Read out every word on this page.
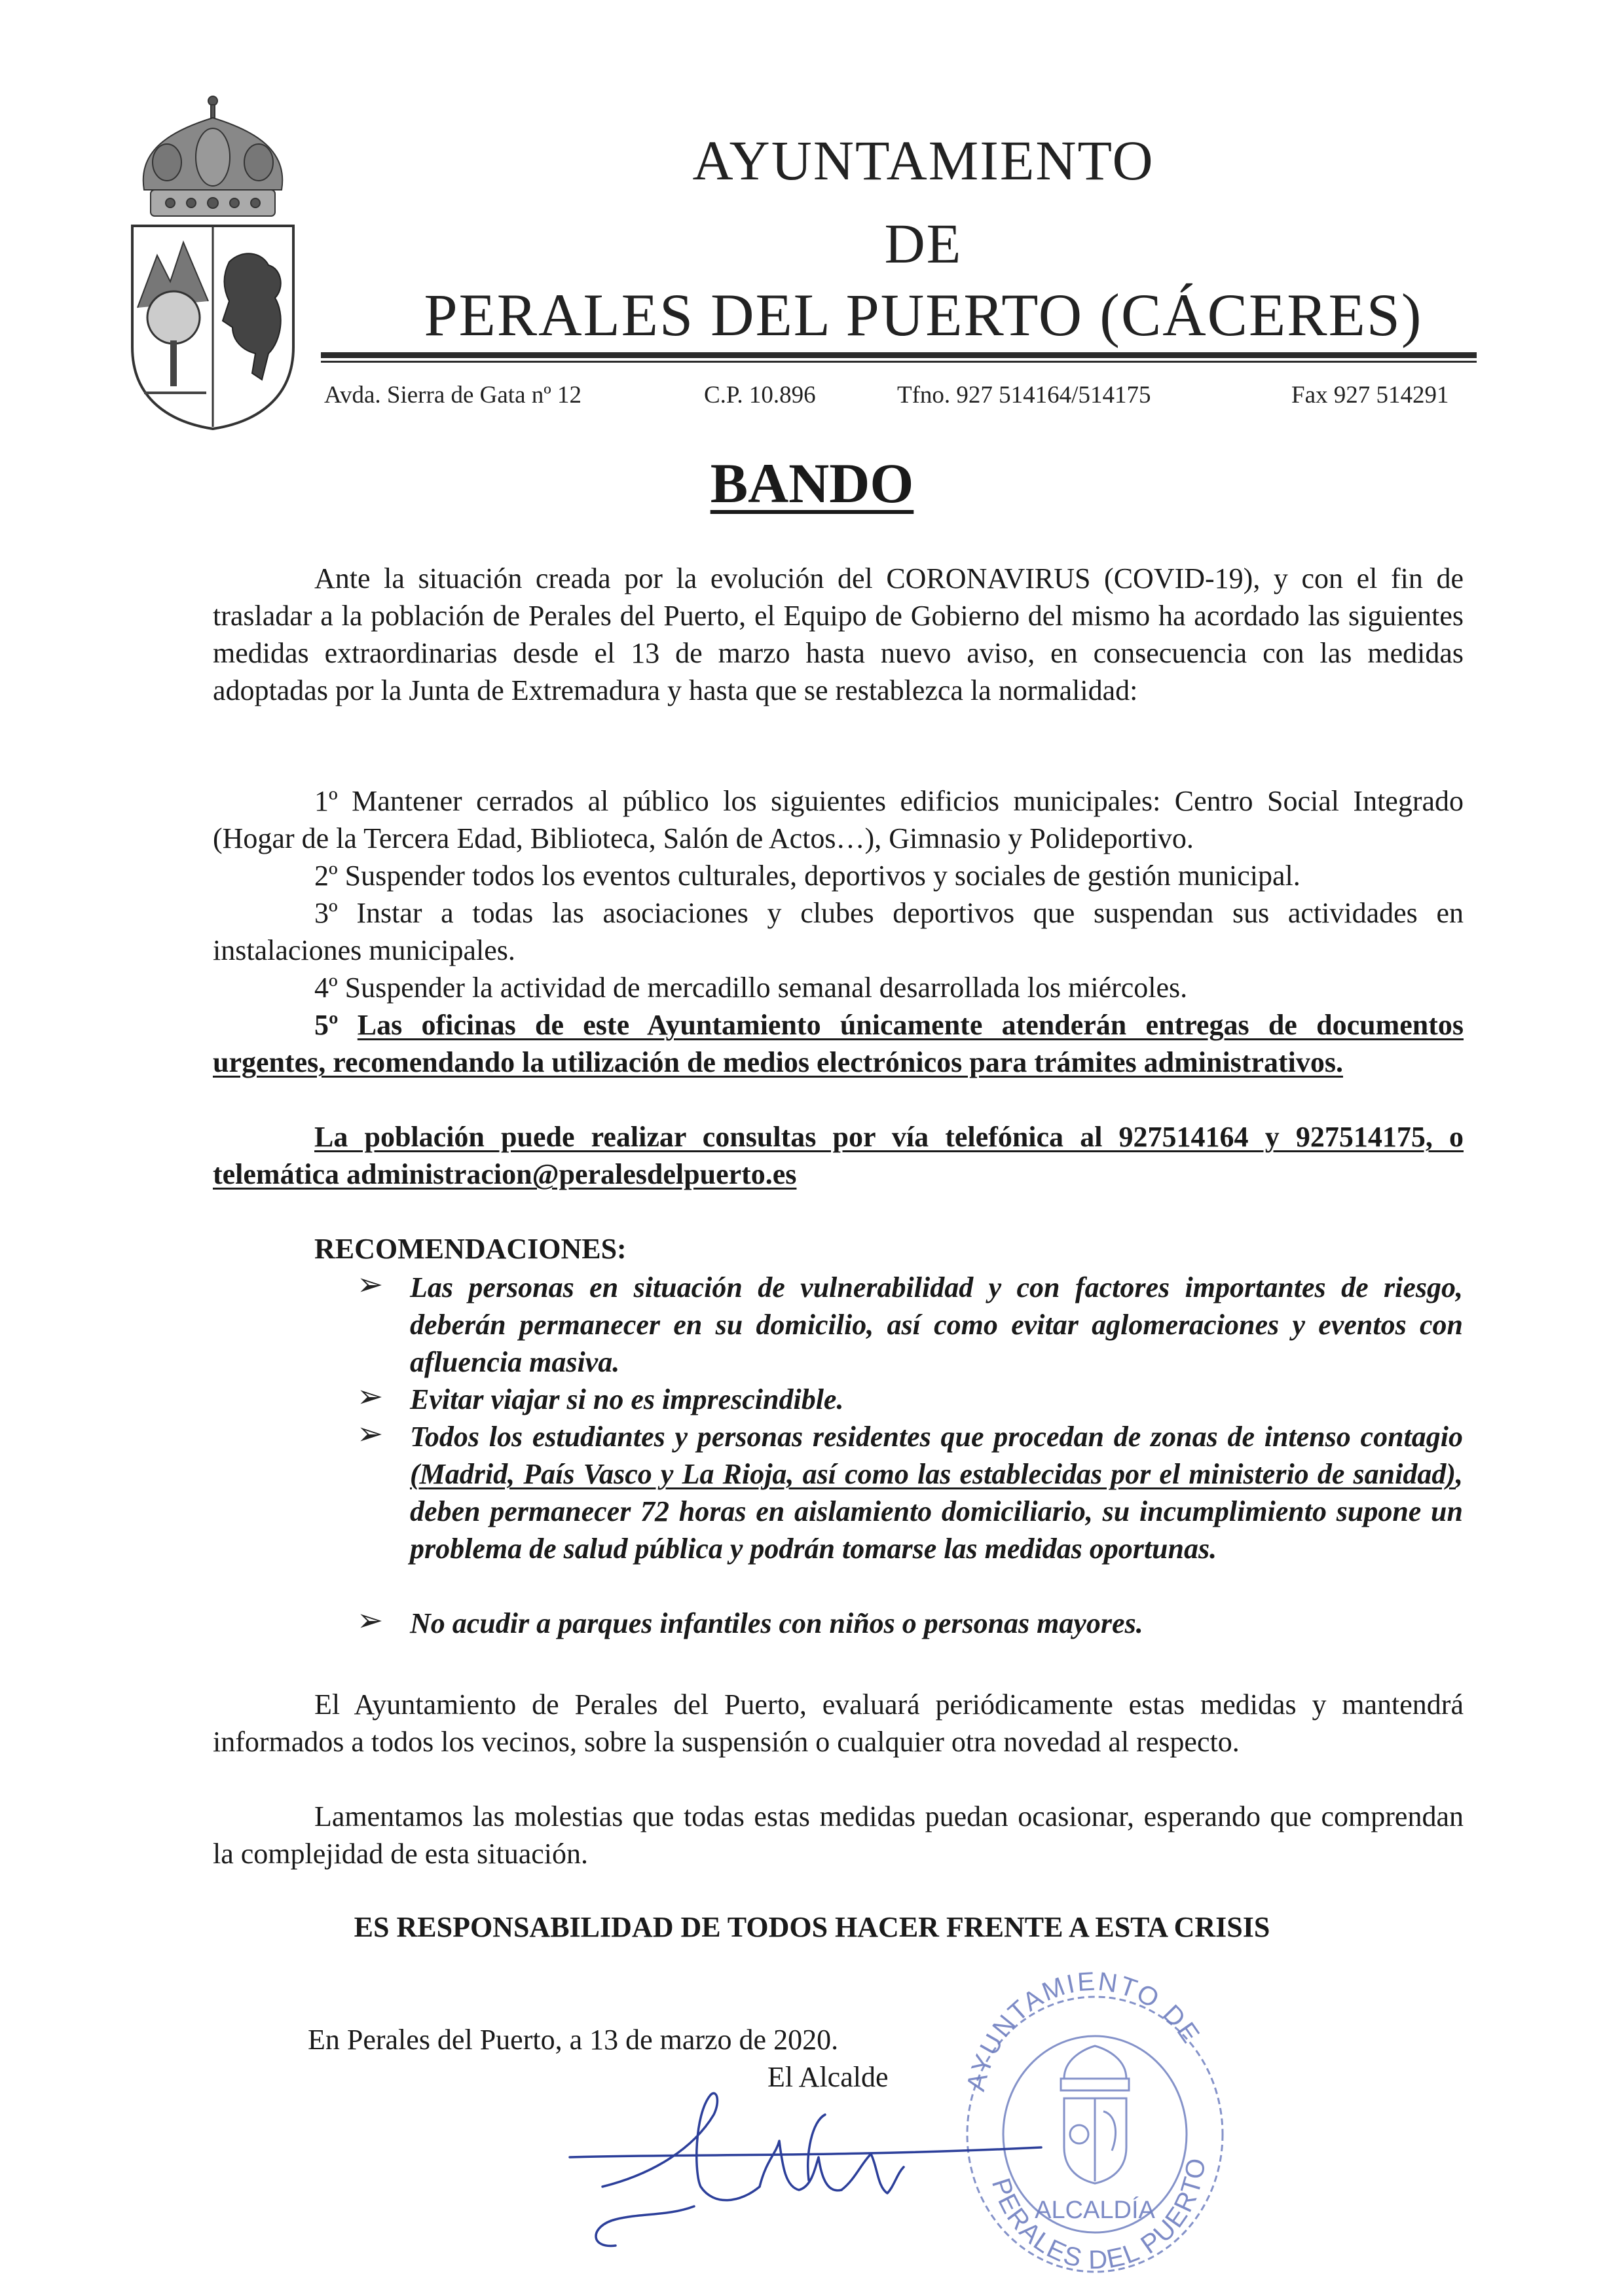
AYUNTAMIENTO
DE
PERALES DEL PUERTO (CÁCERES)
Avda. Sierra de Gata nº 12	C.P. 10.896	Tfno. 927 514164/514175	Fax 927 514291
BANDO
Ante la situación creada por la evolución del CORONAVIRUS (COVID-19), y con el fin de trasladar a la población de Perales del Puerto, el Equipo de Gobierno del mismo ha acordado las siguientes medidas extraordinarias desde el 13 de marzo hasta nuevo aviso, en consecuencia con las medidas adoptadas por la Junta de Extremadura y hasta que se restablezca la normalidad:
1º Mantener cerrados al público los siguientes edificios municipales: Centro Social Integrado (Hogar de la Tercera Edad, Biblioteca, Salón de Actos…), Gimnasio y Polideportivo.
2º Suspender todos los eventos culturales, deportivos y sociales de gestión municipal.
3º Instar a todas las asociaciones y clubes deportivos que suspendan sus actividades en instalaciones municipales.
4º Suspender la actividad de mercadillo semanal desarrollada los miércoles.
5º Las oficinas de este Ayuntamiento únicamente atenderán entregas de documentos urgentes, recomendando la utilización de medios electrónicos para trámites administrativos.
La población puede realizar consultas por vía telefónica al 927514164 y 927514175, o telemática administracion@peralesdelpuerto.es
RECOMENDACIONES:
➢ Las personas en situación de vulnerabilidad y con factores importantes de riesgo, deberán permanecer en su domicilio, así como evitar aglomeraciones y eventos con afluencia masiva.
➢ Evitar viajar si no es imprescindible.
➢ Todos los estudiantes y personas residentes que procedan de zonas de intenso contagio (Madrid, País Vasco y La Rioja, así como las establecidas por el ministerio de sanidad), deben permanecer 72 horas en aislamiento domiciliario, su incumplimiento supone un problema de salud pública y podrán tomarse las medidas oportunas.
➢ No acudir a parques infantiles con niños o personas mayores.
El Ayuntamiento de Perales del Puerto, evaluará periódicamente estas medidas y mantendrá informados a todos los vecinos, sobre la suspensión o cualquier otra novedad al respecto.
Lamentamos las molestias que todas estas medidas puedan ocasionar, esperando que comprendan la complejidad de esta situación.
ES RESPONSABILIDAD DE TODOS HACER FRENTE A ESTA CRISIS
En Perales del Puerto, a 13 de marzo de 2020.
El Alcalde	AYUNTAMIENTO DE
ALCALDÍA
PERALES DEL PUERTO
